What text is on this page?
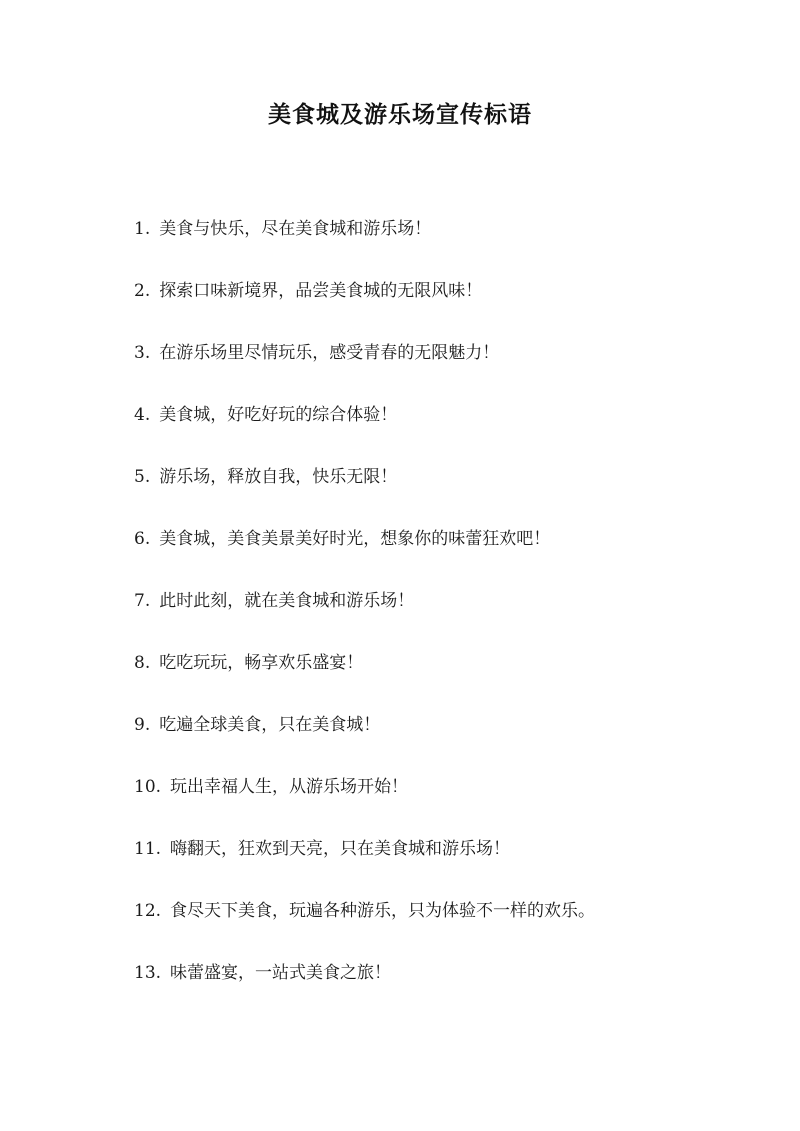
美食城及游乐场宣传标语
1. 美食与快乐，尽在美食城和游乐场！
2. 探索口味新境界，品尝美食城的无限风味！
3. 在游乐场里尽情玩乐，感受青春的无限魅力！
4. 美食城，好吃好玩的综合体验！
5. 游乐场，释放自我，快乐无限！
6. 美食城，美食美景美好时光，想象你的味蕾狂欢吧！
7. 此时此刻，就在美食城和游乐场！
8. 吃吃玩玩，畅享欢乐盛宴！
9. 吃遍全球美食，只在美食城！
10. 玩出幸福人生，从游乐场开始！
11. 嗨翻天，狂欢到天亮，只在美食城和游乐场！
12. 食尽天下美食，玩遍各种游乐，只为体验不一样的欢乐。
13. 味蕾盛宴，一站式美食之旅！
